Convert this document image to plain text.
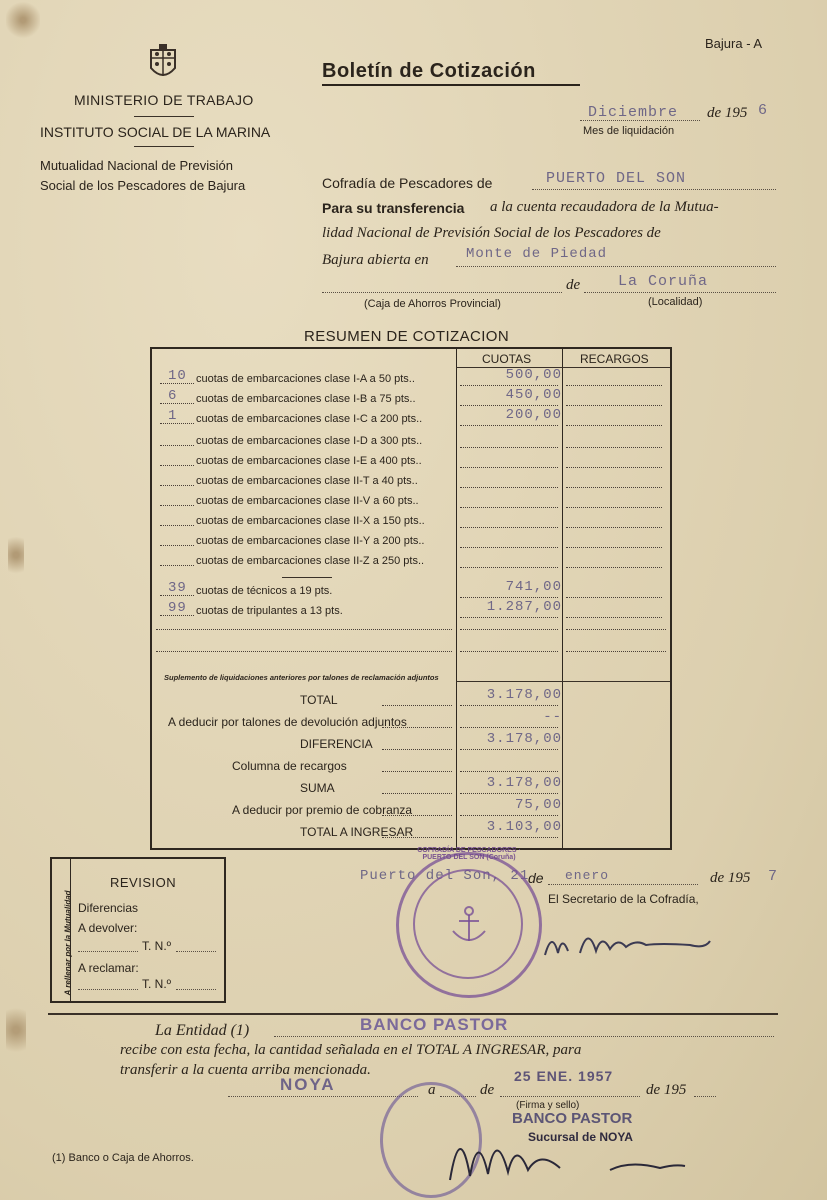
MINISTERIO DE TRABAJO
INSTITUTO SOCIAL DE LA MARINA
Mutualidad Nacional de Previsión
Social de los Pescadores de Bajura
Bajura - A
Boletín de Cotización
Diciembre de 195 6
Mes de liquidación
Cofradía de Pescadores de	PUERTO DEL SON
Para su transferencia a la cuenta recaudadora de la Mutua-
lidad Nacional de Previsión Social de los Pescadores de
Bajura abierta en	Monte de Piedad
de	La Coruña
(Caja de Ahorros Provincial)	(Localidad)
RESUMEN DE COTIZACION
CUOTAS	RECARGOS
10 cuotas de embarcaciones clase I-A a 50 pts..	500,00
6 cuotas de embarcaciones clase I-B a 75 pts..	450,00
1 cuotas de embarcaciones clase I-C a 200 pts..	200,00
cuotas de embarcaciones clase I-D a 300 pts..
cuotas de embarcaciones clase I-E a 400 pts..
cuotas de embarcaciones clase II-T a 40 pts..
cuotas de embarcaciones clase II-V a 60 pts..
cuotas de embarcaciones clase II-X a 150 pts..
cuotas de embarcaciones clase II-Y a 200 pts..
cuotas de embarcaciones clase II-Z a 250 pts..
39 cuotas de técnicos a 19 pts.	741,00
99 cuotas de tripulantes a 13 pts.	1.287,00
Suplemento de liquidaciones anteriores por talones de reclamación adjuntos
TOTAL	3.178,00
A deducir por talones de devolución adjuntos	--
DIFERENCIA	3.178,00
Columna de recargos
SUMA	3.178,00
A deducir por premio de cobranza	75,00
TOTAL A INGRESAR	3.103,00
Puerto del Son, 21
de enero	de 195 7
El Secretario de la Cofradía,
COFRADÍA DE PESCADORES · PUERTO DEL SON (Coruña)
A rellenar por la Mutualidad
REVISION
Diferencias
A devolver:
T. N.º
A reclamar:
T. N.º
La Entidad (1)	BANCO PASTOR
recibe con esta fecha, la cantidad señalada en el TOTAL A INGRESAR, para
transferir a la cuenta arriba mencionada.
NOYA	a	de
25 ENE. 1957
de 195
(Firma y sello)
BANCO PASTOR
Sucursal de NOYA
(1) Banco o Caja de Ahorros.
